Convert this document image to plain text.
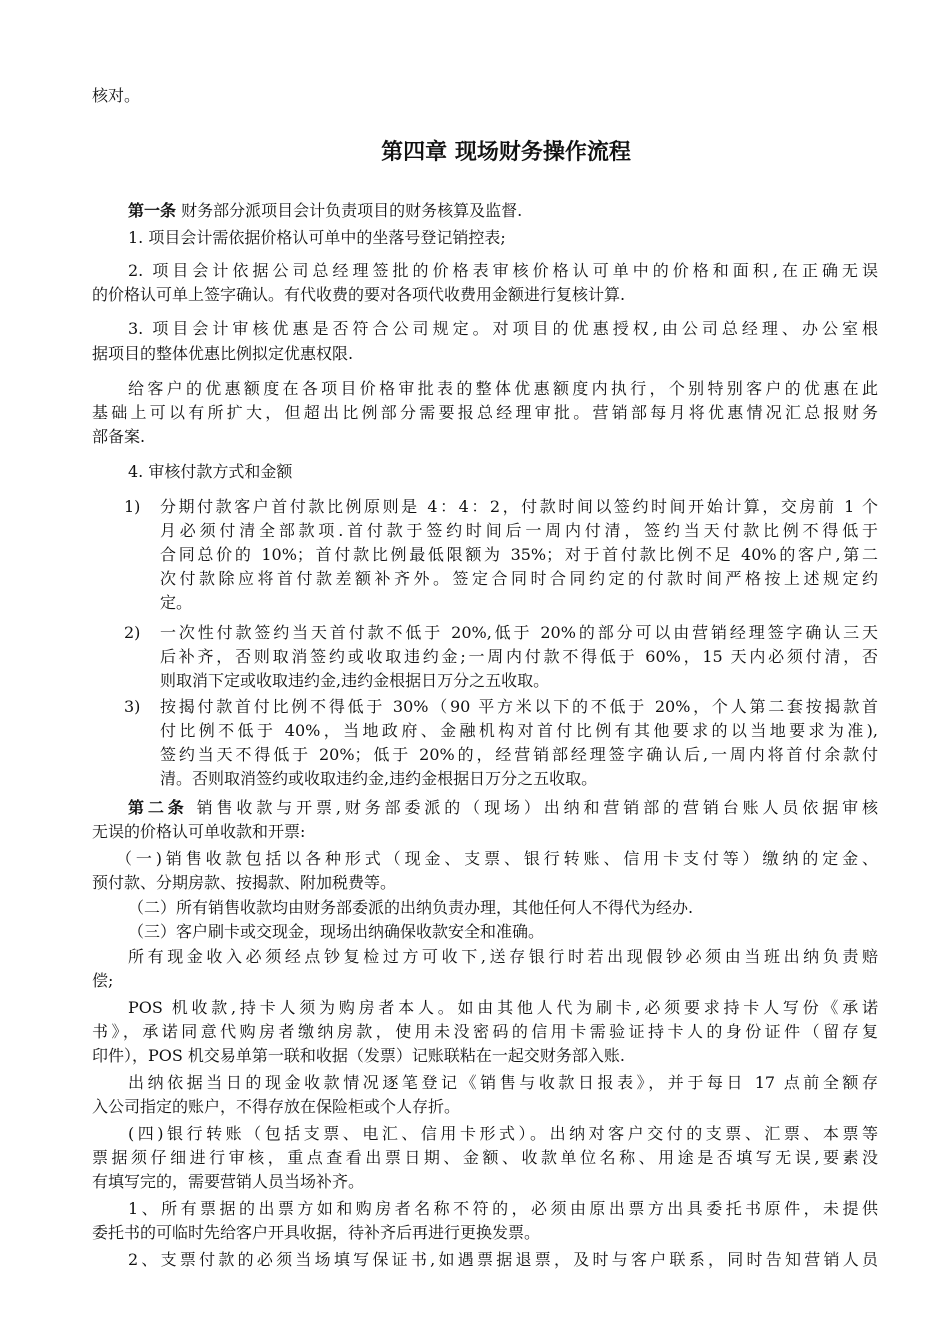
核对。
第四章 现场财务操作流程
第一条 财务部分派项目会计负责项目的财务核算及监督.
1. 项目会计需依据价格认可单中的坐落号登记销控表;
2. 项目会计依据公司总经理签批的价格表审核价格认可单中的价格和面积,在正确无误
的价格认可单上签字确认。有代收费的要对各项代收费用金额进行复核计算.
3. 项目会计审核优惠是否符合公司规定。对项目的优惠授权,由公司总经理、办公室根
据项目的整体优惠比例拟定优惠权限.
给客户的优惠额度在各项目价格审批表的整体优惠额度内执行，个别特别客户的优惠在此
基础上可以有所扩大，但超出比例部分需要报总经理审批。营销部每月将优惠情况汇总报财务
部备案.
4. 审核付款方式和金额
1) 分期付款客户首付款比例原则是 4：4：2，付款时间以签约时间开始计算，交房前 1 个
月必须付清全部款项.首付款于签约时间后一周内付清，签约当天付款比例不得低于
合同总价的 10%；首付款比例最低限额为 35%；对于首付款比例不足 40%的客户,第二
次付款除应将首付款差额补齐外。签定合同时合同约定的付款时间严格按上述规定约
定。
2) 一次性付款签约当天首付款不低于 20%,低于 20%的部分可以由营销经理签字确认三天
后补齐，否则取消签约或收取违约金;一周内付款不得低于 60%，15 天内必须付清，否
则取消下定或收取违约金,违约金根据日万分之五收取。
3) 按揭付款首付比例不得低于 30%（90 平方米以下的不低于 20%，个人第二套按揭款首
付比例不低于 40%，当地政府、金融机构对首付比例有其他要求的以当地要求为准),
签约当天不得低于 20%；低于 20%的，经营销部经理签字确认后,一周内将首付余款付
清。否则取消签约或收取违约金,违约金根据日万分之五收取。
第二条 销售收款与开票,财务部委派的（现场）出纳和营销部的营销台账人员依据审核
无误的价格认可单收款和开票:
（一)销售收款包括以各种形式（现金、支票、银行转账、信用卡支付等）缴纳的定金、
预付款、分期房款、按揭款、附加税费等。
（二）所有销售收款均由财务部委派的出纳负责办理，其他任何人不得代为经办.
（三）客户刷卡或交现金，现场出纳确保收款安全和准确。
所有现金收入必须经点钞复检过方可收下,送存银行时若出现假钞必须由当班出纳负责赔
偿;
POS 机收款,持卡人须为购房者本人。如由其他人代为刷卡,必须要求持卡人写份《承诺
书》，承诺同意代购房者缴纳房款，使用未没密码的信用卡需验证持卡人的身份证件（留存复
印件），POS 机交易单第一联和收据（发票）记账联粘在一起交财务部入账.
出纳依据当日的现金收款情况逐笔登记《销售与收款日报表》，并于每日 17 点前全额存
入公司指定的账户，不得存放在保险柜或个人存折。
(四)银行转账（包括支票、电汇、信用卡形式）。出纳对客户交付的支票、汇票、本票等
票据须仔细进行审核，重点查看出票日期、金额、收款单位名称、用途是否填写无误,要素没
有填写完的，需要营销人员当场补齐。
1、所有票据的出票方如和购房者名称不符的，必须由原出票方出具委托书原件，未提供
委托书的可临时先给客户开具收据，待补齐后再进行更换发票。
2、支票付款的必须当场填写保证书,如遇票据退票，及时与客户联系，同时告知营销人员
